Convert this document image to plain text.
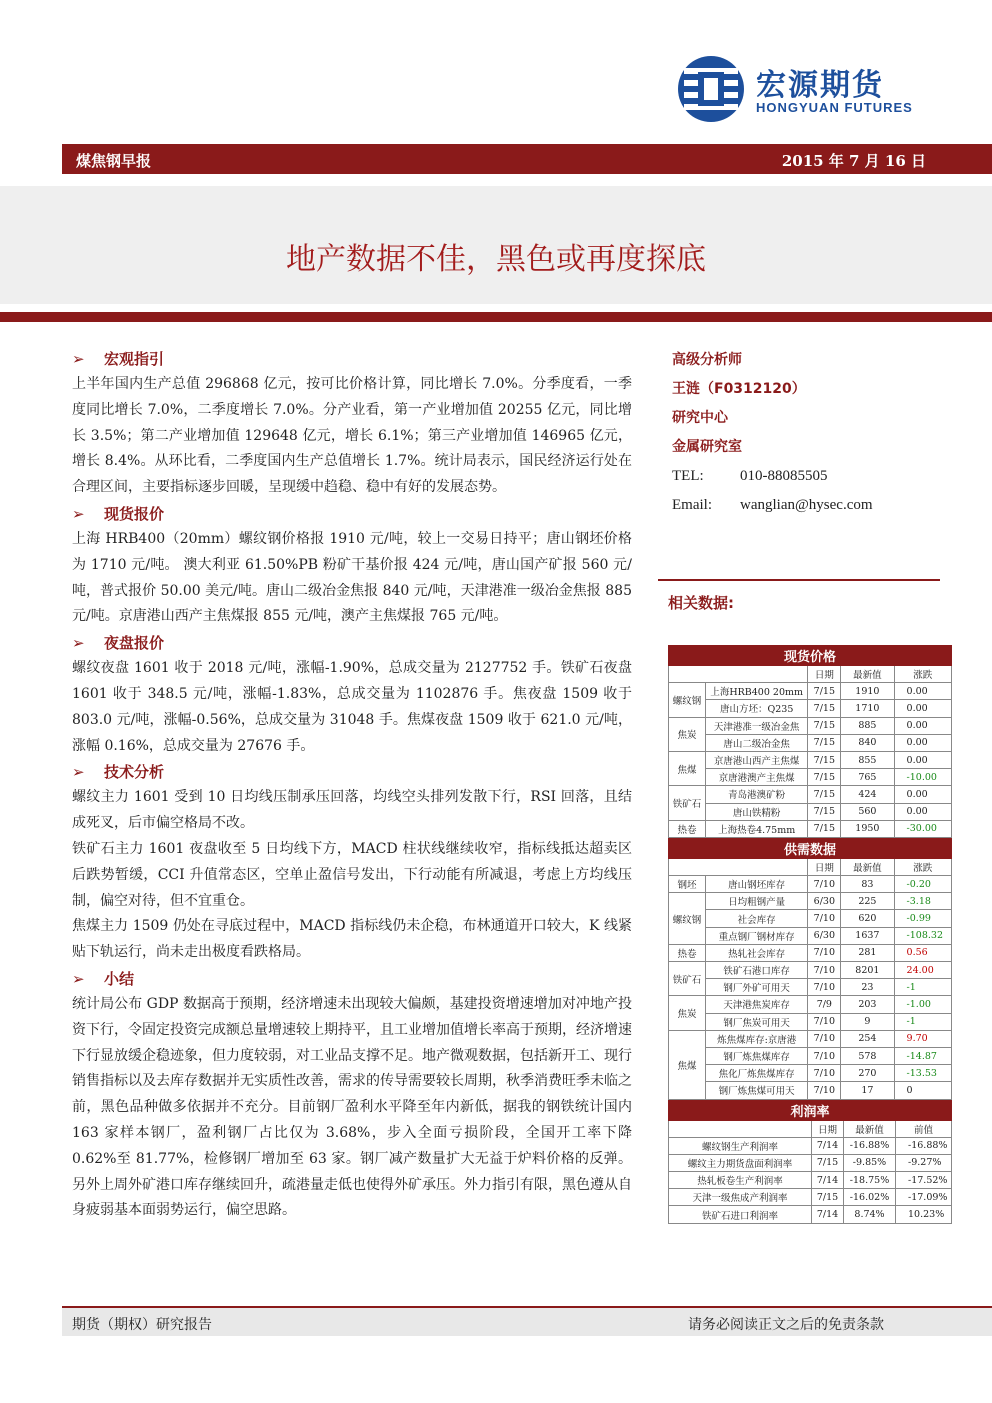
宏源期货
HONGYUAN FUTURES
煤焦钢早报	2015 年 7 月 16 日
地产数据不佳，黑色或再度探底
➢ 宏观指引

上半年国内生产总值 296868 亿元，按可比价格计算，同比增长 7.0%。分季度看，一季度同比增长 7.0%，二季度增长 7.0%。分产业看，第一产业增加值 20255 亿元，同比增长 3.5%；第二产业增加值 129648 亿元，增长 6.1%；第三产业增加值 146965 亿元，增长 8.4%。从环比看，二季度国内生产总值增长 1.7%。统计局表示，国民经济运行处在合理区间，主要指标逐步回暖，呈现缓中趋稳、稳中有好的发展态势。

➢ 现货报价

上海 HRB400（20mm）螺纹钢价格报 1910 元/吨，较上一交易日持平；唐山钢坯价格为 1710 元/吨。 澳大利亚 61.50%PB 粉矿干基价报 424 元/吨，唐山国产矿报 560 元/吨，普式报价 50.00 美元/吨。唐山二级冶金焦报 840 元/吨，天津港准一级冶金焦报 885 元/吨。京唐港山西产主焦煤报 855 元/吨，澳产主焦煤报 765 元/吨。

➢ 夜盘报价

螺纹夜盘 1601 收于 2018 元/吨，涨幅-1.90%，总成交量为 2127752 手。铁矿石夜盘 1601 收于 348.5 元/吨，涨幅-1.83%，总成交量为 1102876 手。焦夜盘 1509 收于 803.0 元/吨，涨幅-0.56%，总成交量为 31048 手。焦煤夜盘 1509 收于 621.0 元/吨，涨幅 0.16%，总成交量为 27676 手。

➢ 技术分析

螺纹主力 1601 受到 10 日均线压制承压回落，均线空头排列发散下行，RSI 回落，且结成死叉，后市偏空格局不改。

铁矿石主力 1601 夜盘收至 5 日均线下方，MACD 柱状线继续收窄，指标线抵达超卖区后跌势暂缓，CCI 升值常态区，空单止盈信号发出，下行动能有所减退，考虑上方均线压制，偏空对待，但不宜重仓。

焦煤主力 1509 仍处在寻底过程中，MACD 指标线仍未企稳，布林通道开口较大，K 线紧贴下轨运行，尚未走出极度看跌格局。

➢ 小结

统计局公布 GDP 数据高于预期，经济增速未出现较大偏颇，基建投资增速增加对冲地产投资下行，令固定投资完成额总量增速较上期持平，且工业增加值增长率高于预期，经济增速下行显放缓企稳迹象，但力度较弱，对工业品支撑不足。地产微观数据，包括新开工、现行销售指标以及去库存数据并无实质性改善，需求的传导需要较长周期，秋季消费旺季未临之前，黑色品种做多依据并不充分。目前钢厂盈利水平降至年内新低，据我的钢铁统计国内 163 家样本钢厂，盈利钢厂占比仅为 3.68%，步入全面亏损阶段，全国开工率下降 0.62%至 81.77%，检修钢厂增加至 63 家。钢厂减产数量扩大无益于炉料价格的反弹。另外上周外矿港口库存继续回升，疏港量走低也使得外矿承压。外力指引有限，黑色遵从自身疲弱基本面弱势运行，偏空思路。

高级分析师
王涟（F0312120）
研究中心
金属研究室
TEL: 010-88085505
Email: wanglian@hysec.com
相关数据:
现货价格				
		日期	最新值	涨跌
螺纹钢	上海HRB400 20mm	7/15	1910	0.00
	唐山方坯：Q235	7/15	1710	0.00
焦炭	天津港准一级冶金焦	7/15	885	0.00
	唐山二级冶金焦	7/15	840	0.00
焦煤	京唐港山西产主焦煤	7/15	855	0.00
	京唐港澳产主焦煤	7/15	765	-10.00
铁矿石	青岛港澳矿粉	7/15	424	0.00
	唐山铁精粉	7/15	560	0.00
热卷	上海热卷4.75mm	7/15	1950	-30.00
供需数据				
		日期	最新值	涨跌
钢坯	唐山钢坯库存	7/10	83	-0.20
螺纹钢	日均粗钢产量	6/30	225	-3.18
	社会库存	7/10	620	-0.99
	重点钢厂钢材库存	6/30	1637	-108.32
热卷	热轧社会库存	7/10	281	0.56
铁矿石	铁矿石港口库存	7/10	8201	24.00
	钢厂外矿可用天	7/10	23	-1
焦炭	天津港焦炭库存	7/9	203	-1.00
	钢厂焦炭可用天	7/10	9	-1
焦煤	炼焦煤库存:京唐港	7/10	254	9.70
	钢厂炼焦煤库存	7/10	578	-14.87
	焦化厂炼焦煤库存	7/10	270	-13.53
	钢厂炼焦煤可用天	7/10	17	0
利润率			
	日期	最新值	前值
螺纹钢生产利润率	7/14	-16.88%	-16.88%
螺纹主力期货盘面利润率	7/15	-9.85%	-9.27%
热轧板卷生产利润率	7/14	-18.75%	-17.52%
天津一级焦成产利润率	7/15	-16.02%	-17.09%
铁矿石进口利润率	7/14	8.74%	10.23%
期货（期权）研究报告	请务必阅读正文之后的免责条款
